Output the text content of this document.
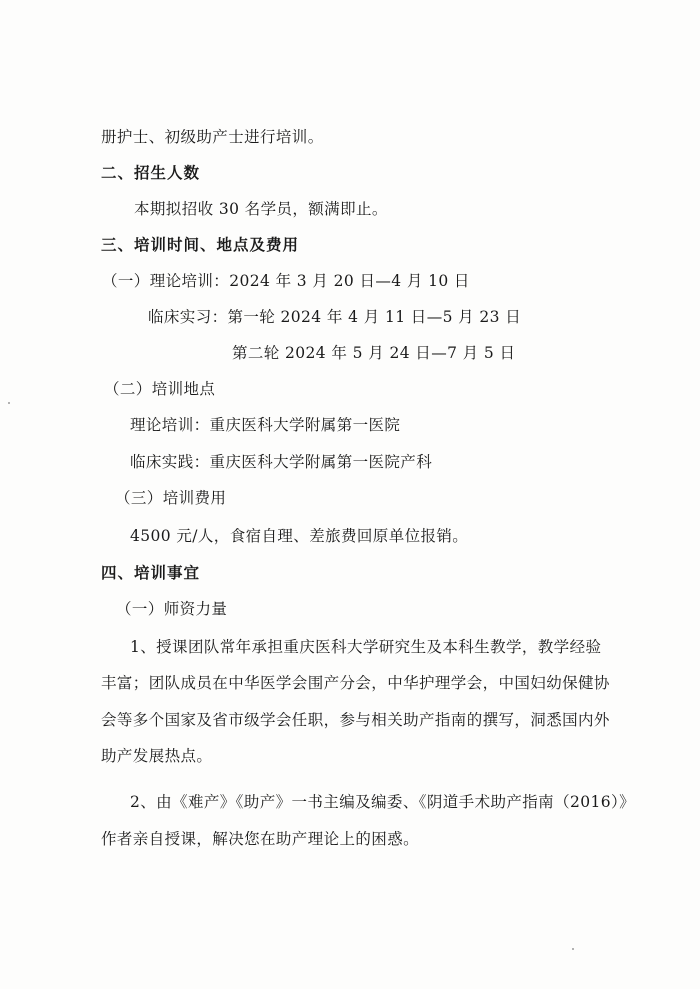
册护士、初级助产士进行培训。
二、招生人数
本期拟招收 30 名学员，额满即止。
三、培训时间、地点及费用
（一）理论培训：2024 年 3 月 20 日—4 月 10 日
临床实习：第一轮 2024 年 4 月 11 日—5 月 23 日
第二轮 2024 年 5 月 24 日—7 月 5 日
（二）培训地点
理论培训：重庆医科大学附属第一医院
临床实践：重庆医科大学附属第一医院产科
（三）培训费用
4500 元/人，食宿自理、差旅费回原单位报销。
四、培训事宜
（一）师资力量
1、授课团队常年承担重庆医科大学研究生及本科生教学，教学经验
丰富；团队成员在中华医学会围产分会，中华护理学会，中国妇幼保健协
会等多个国家及省市级学会任职，参与相关助产指南的撰写，洞悉国内外
助产发展热点。
2、由《难产》《助产》一书主编及编委、《阴道手术助产指南（2016）》
作者亲自授课，解决您在助产理论上的困惑。
